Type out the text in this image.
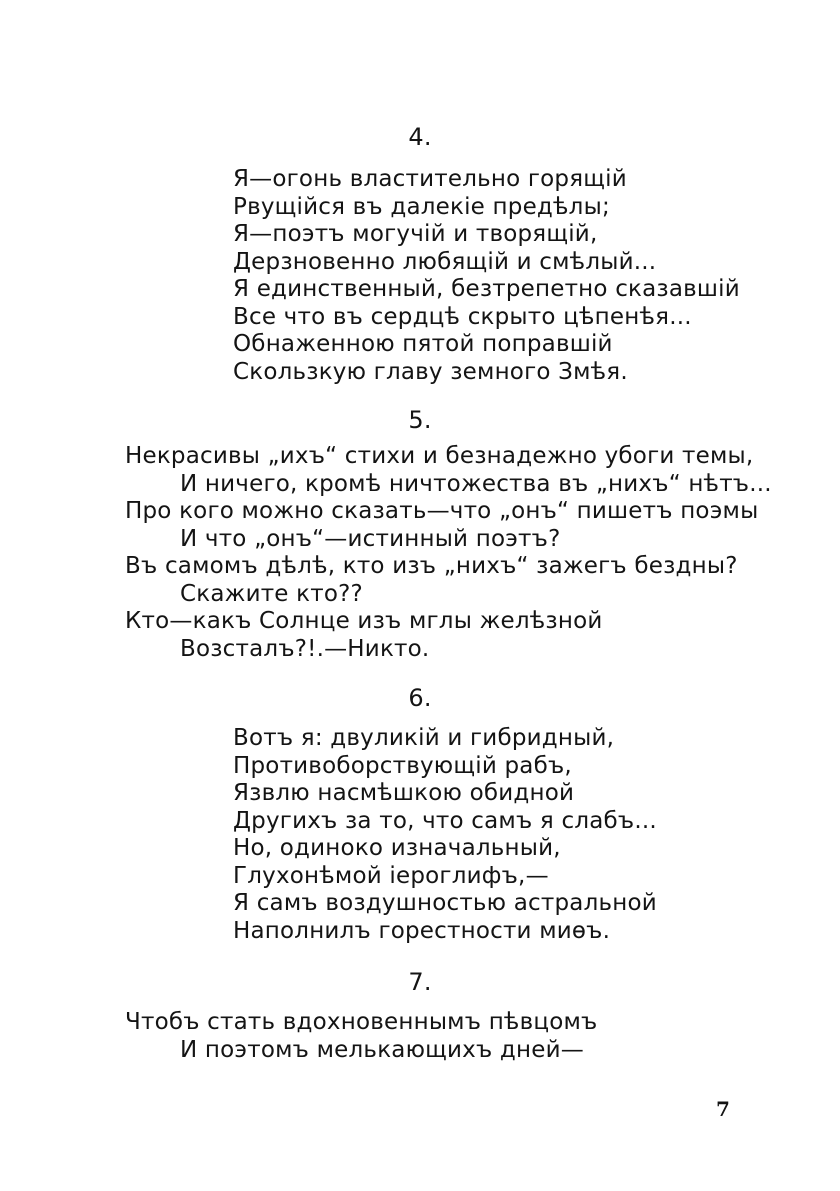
4.
Я—огонь властительно горящій
Рвущійся въ далекіе предѣлы;
Я—поэтъ могучій и творящій,
Дерзновенно любящій и смѣлый...
Я единственный, безтрепетно сказавшій
Все что въ сердцѣ скрыто цѣпенѣя...
Обнаженною пятой поправшій
Скользкую главу земного Змѣя.
5.
Некрасивы „ихъ“ стихи и безнадежно убоги темы,
И ничего, кромѣ ничтожества въ „нихъ“ нѣтъ...
Про кого можно сказать—что „онъ“ пишетъ поэмы
И что „онъ“—истинный поэтъ?
Въ самомъ дѣлѣ, кто изъ „нихъ“ зажегъ бездны?
Скажите кто??
Кто—какъ Солнце изъ мглы желѣзной
Возсталъ?!.—Никто.
6.
Вотъ я: двуликій и гибридный,
Противоборствующій рабъ,
Язвлю насмѣшкою обидной
Другихъ за то, что самъ я слабъ...
Но, одиноко изначальный,
Глухонѣмой іероглифъ,—
Я самъ воздушностью астральной
Наполнилъ горестности миѳъ.
7.
Чтобъ стать вдохновеннымъ пѣвцомъ
И поэтомъ мелькающихъ дней—
7
